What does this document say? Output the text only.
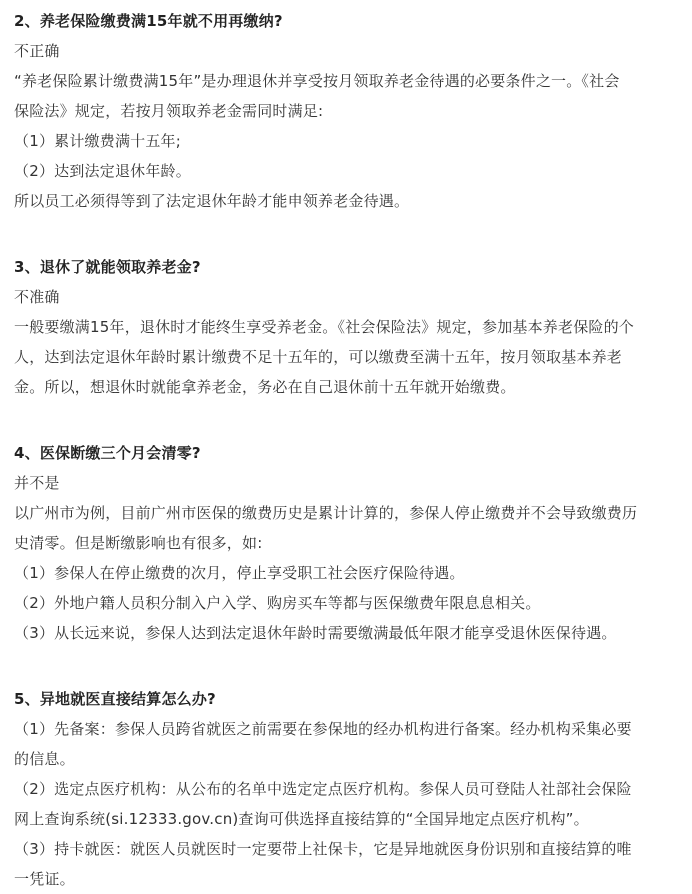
2、养老保险缴费满15年就不用再缴纳?
不正确
“养老保险累计缴费满15年”是办理退休并享受按月领取养老金待遇的必要条件之一。《社会
保险法》规定，若按月领取养老金需同时满足:
（1）累计缴费满十五年;
（2）达到法定退休年龄。
所以员工必须得等到了法定退休年龄才能申领养老金待遇。
3、退休了就能领取养老金?
不准确
一般要缴满15年，退休时才能终生享受养老金。《社会保险法》规定，参加基本养老保险的个
人，达到法定退休年龄时累计缴费不足十五年的，可以缴费至满十五年，按月领取基本养老
金。所以，想退休时就能拿养老金，务必在自己退休前十五年就开始缴费。
4、医保断缴三个月会清零?
并不是
以广州市为例，目前广州市医保的缴费历史是累计计算的，参保人停止缴费并不会导致缴费历
史清零。但是断缴影响也有很多，如:
（1）参保人在停止缴费的次月，停止享受职工社会医疗保险待遇。
（2）外地户籍人员积分制入户入学、购房买车等都与医保缴费年限息息相关。
（3）从长远来说，参保人达到法定退休年龄时需要缴满最低年限才能享受退休医保待遇。
5、异地就医直接结算怎么办?
（1）先备案：参保人员跨省就医之前需要在参保地的经办机构进行备案。经办机构采集必要
的信息。
（2）选定点医疗机构：从公布的名单中选定定点医疗机构。参保人员可登陆人社部社会保险
网上查询系统(si.12333.gov.cn)查询可供选择直接结算的“全国异地定点医疗机构”。
（3）持卡就医：就医人员就医时一定要带上社保卡，它是异地就医身份识别和直接结算的唯
一凭证。
